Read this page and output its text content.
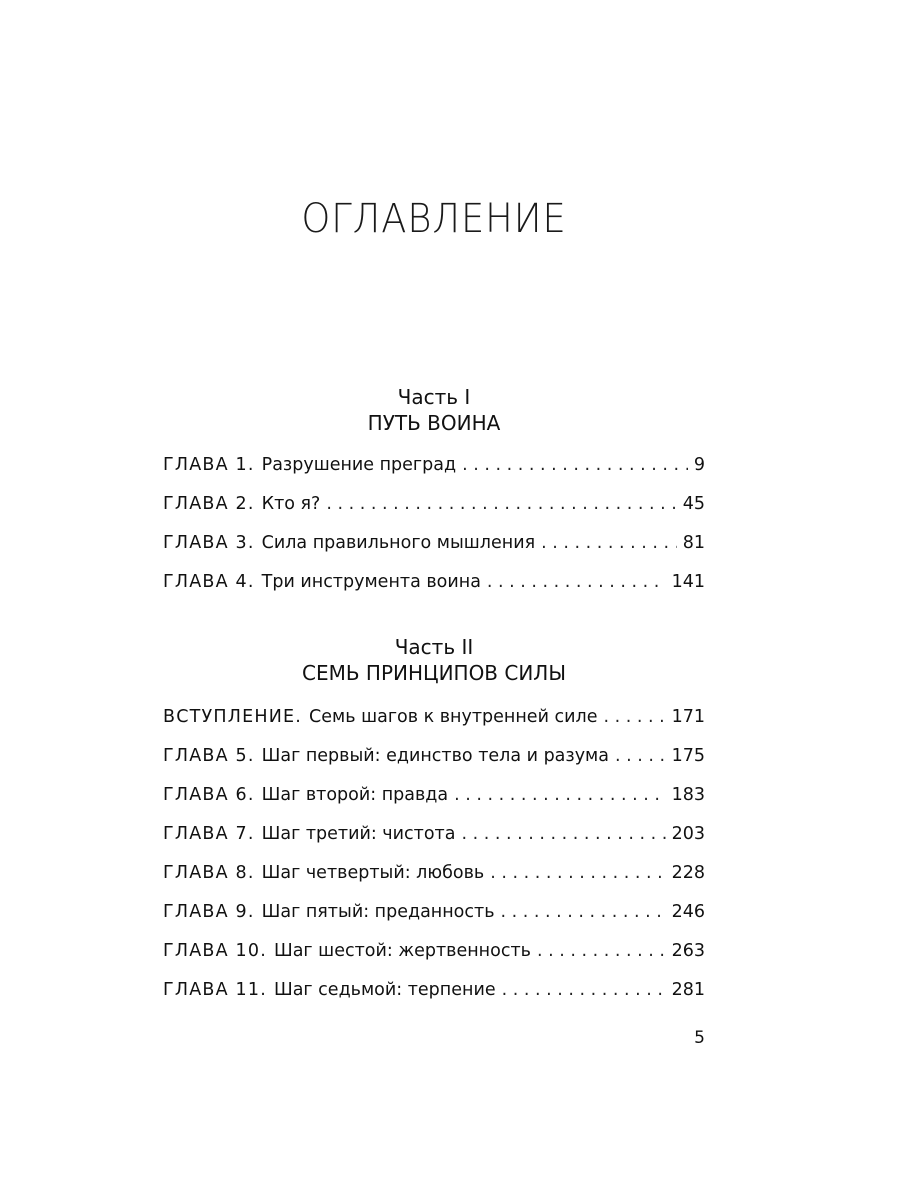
ОГЛАВЛЕНИЕ
Часть I
ПУТЬ ВОИНА
ГЛАВА 1. Разрушение преград . . .	9
ГЛАВА 2. Кто я? . . .	45
ГЛАВА 3. Сила правильного мышления . . .	81
ГЛАВА 4. Три инструмента воина . . .	141
Часть II
СЕМЬ ПРИНЦИПОВ СИЛЫ
ВСТУПЛЕНИЕ. Семь шагов к внутренней силе . . .	171
ГЛАВА 5. Шаг первый: единство тела и разума . . .	175
ГЛАВА 6. Шаг второй: правда . . .	183
ГЛАВА 7. Шаг третий: чистота . . .	203
ГЛАВА 8. Шаг четвертый: любовь . . .	228
ГЛАВА 9. Шаг пятый: преданность . . .	246
ГЛАВА 10. Шаг шестой: жертвенность . . .	263
ГЛАВА 11. Шаг седьмой: терпение . . .	281
5
